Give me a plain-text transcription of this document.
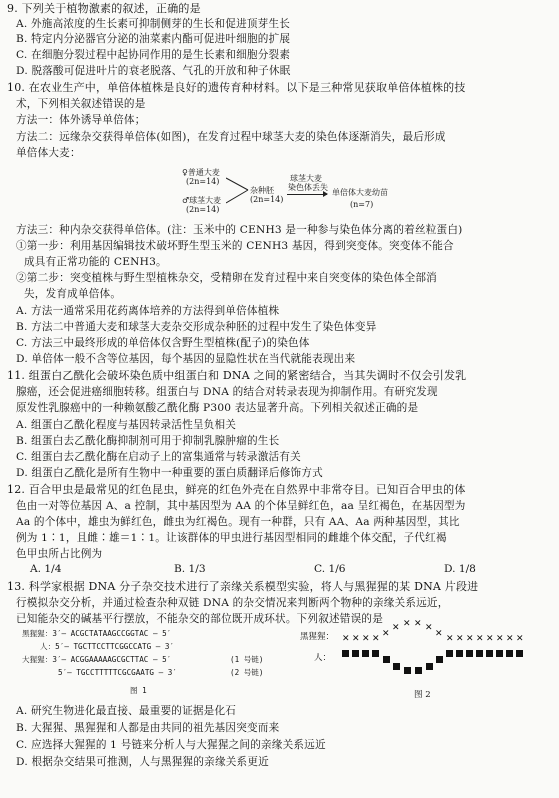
9. 下列关于植物激素的叙述，正确的是
A. 外施高浓度的生长素可抑制侧芽的生长和促进顶芽生长
B. 特定内分泌器官分泌的油菜素内酯可促进叶细胞的扩展
C. 在细胞分裂过程中起协同作用的是生长素和细胞分裂素
D. 脱落酸可促进叶片的衰老脱落、气孔的开放和种子休眠
10. 在农业生产中，单倍体植株是良好的遗传育种材料。以下是三种常见获取单倍体植株的技
术，下列相关叙述错误的是
方法一：体外诱导单倍体；
方法二：远缘杂交获得单倍体(如图)，在发育过程中球茎大麦的染色体逐渐消失，最后形成
单倍体大麦：
♀普通大麦
(2n=14)
♂球茎大麦
(2n=14)
杂种胚
(2n=14)
球茎大麦
染色体丢失
单倍体大麦幼苗
(n=7)
方法三：种内杂交获得单倍体。(注：玉米中的 CENH3 是一种参与染色体分离的着丝粒蛋白)
①第一步：利用基因编辑技术破坏野生型玉米的 CENH3 基因，得到突变体。突变体不能合
成具有正常功能的 CENH3。
②第二步：突变植株与野生型植株杂交，受精卵在发育过程中来自突变体的染色体全部消
失，发育成单倍体。
A. 方法一通常采用花药离体培养的方法得到单倍体植株
B. 方法二中普通大麦和球茎大麦杂交形成杂种胚的过程中发生了染色体变异
C. 方法三中最终形成的单倍体仅含野生型植株(配子)的染色体
D. 单倍体一般不含等位基因，每个基因的显隐性状在当代就能表现出来
11. 组蛋白乙酰化会破坏染色质中组蛋白和 DNA 之间的紧密结合，当其失调时不仅会引发乳
腺癌，还会促进癌细胞转移。组蛋白与 DNA 的结合对转录表现为抑制作用。有研究发现
原发性乳腺癌中的一种赖氨酸乙酰化酶 P300 表达显著升高。下列相关叙述正确的是
A. 组蛋白乙酰化程度与基因转录活性呈负相关
B. 组蛋白去乙酰化酶抑制剂可用于抑制乳腺肿瘤的生长
C. 组蛋白去乙酰化酶在启动子上的富集通常与转录激活有关
D. 组蛋白乙酰化是所有生物中一种重要的蛋白质翻译后修饰方式
12. 百合甲虫是最常见的红色昆虫，鲜亮的红色外壳在自然界中非常夺目。已知百合甲虫的体
色由一对等位基因 A、a 控制，其中基因型为 AA 的个体呈鲜红色，aa 呈红褐色，在基因型为
Aa 的个体中，雄虫为鲜红色，雌虫为红褐色。现有一种群，只有 AA、Aa 两种基因型，其比
例为 1∶1，且雌∶雄＝1∶1。让该群体的甲虫进行基因型相同的雌雄个体交配，子代红褐
色甲虫所占比例为
A. 1/4	B. 1/3	C. 1/6	D. 1/8
13. 科学家根据 DNA 分子杂交技术进行了亲缘关系模型实验，将人与黑猩猩的某 DNA 片段进
行模拟杂交分析，并通过检查杂种双链 DNA 的杂交情况来判断两个物种的亲缘关系远近，
已知能杂交的碱基平行摆放，不能杂交的部位既开成环状。下列叙述错误的是
黑猩猩：3′— ACGCTATAAGCCGGTAC — 5′
人：5′— TGCTTCCTTCGGCCATG — 3′
大猩猩：3′— ACGGAAAAAGCGCTTAC — 5′	(1 号链)
5′— TGCCTTTTTCGCGAATG — 3′	(2 号链)
图 1
黑猩猩：
人：
✕ ✕ ✕ ✕ ✕
✕ ✕ ✕ ✕
✕ ✕ ✕ ✕ ✕ ✕ ✕ ✕ ✕
图 2
A. 研究生物进化最直接、最重要的证据是化石
B. 大猩猩、黑猩猩和人都是由共同的祖先基因突变而来
C. 应选择大猩猩的 1 号链来分析人与大猩猩之间的亲缘关系远近
D. 根据杂交结果可推测，人与黑猩猩的亲缘关系更近
